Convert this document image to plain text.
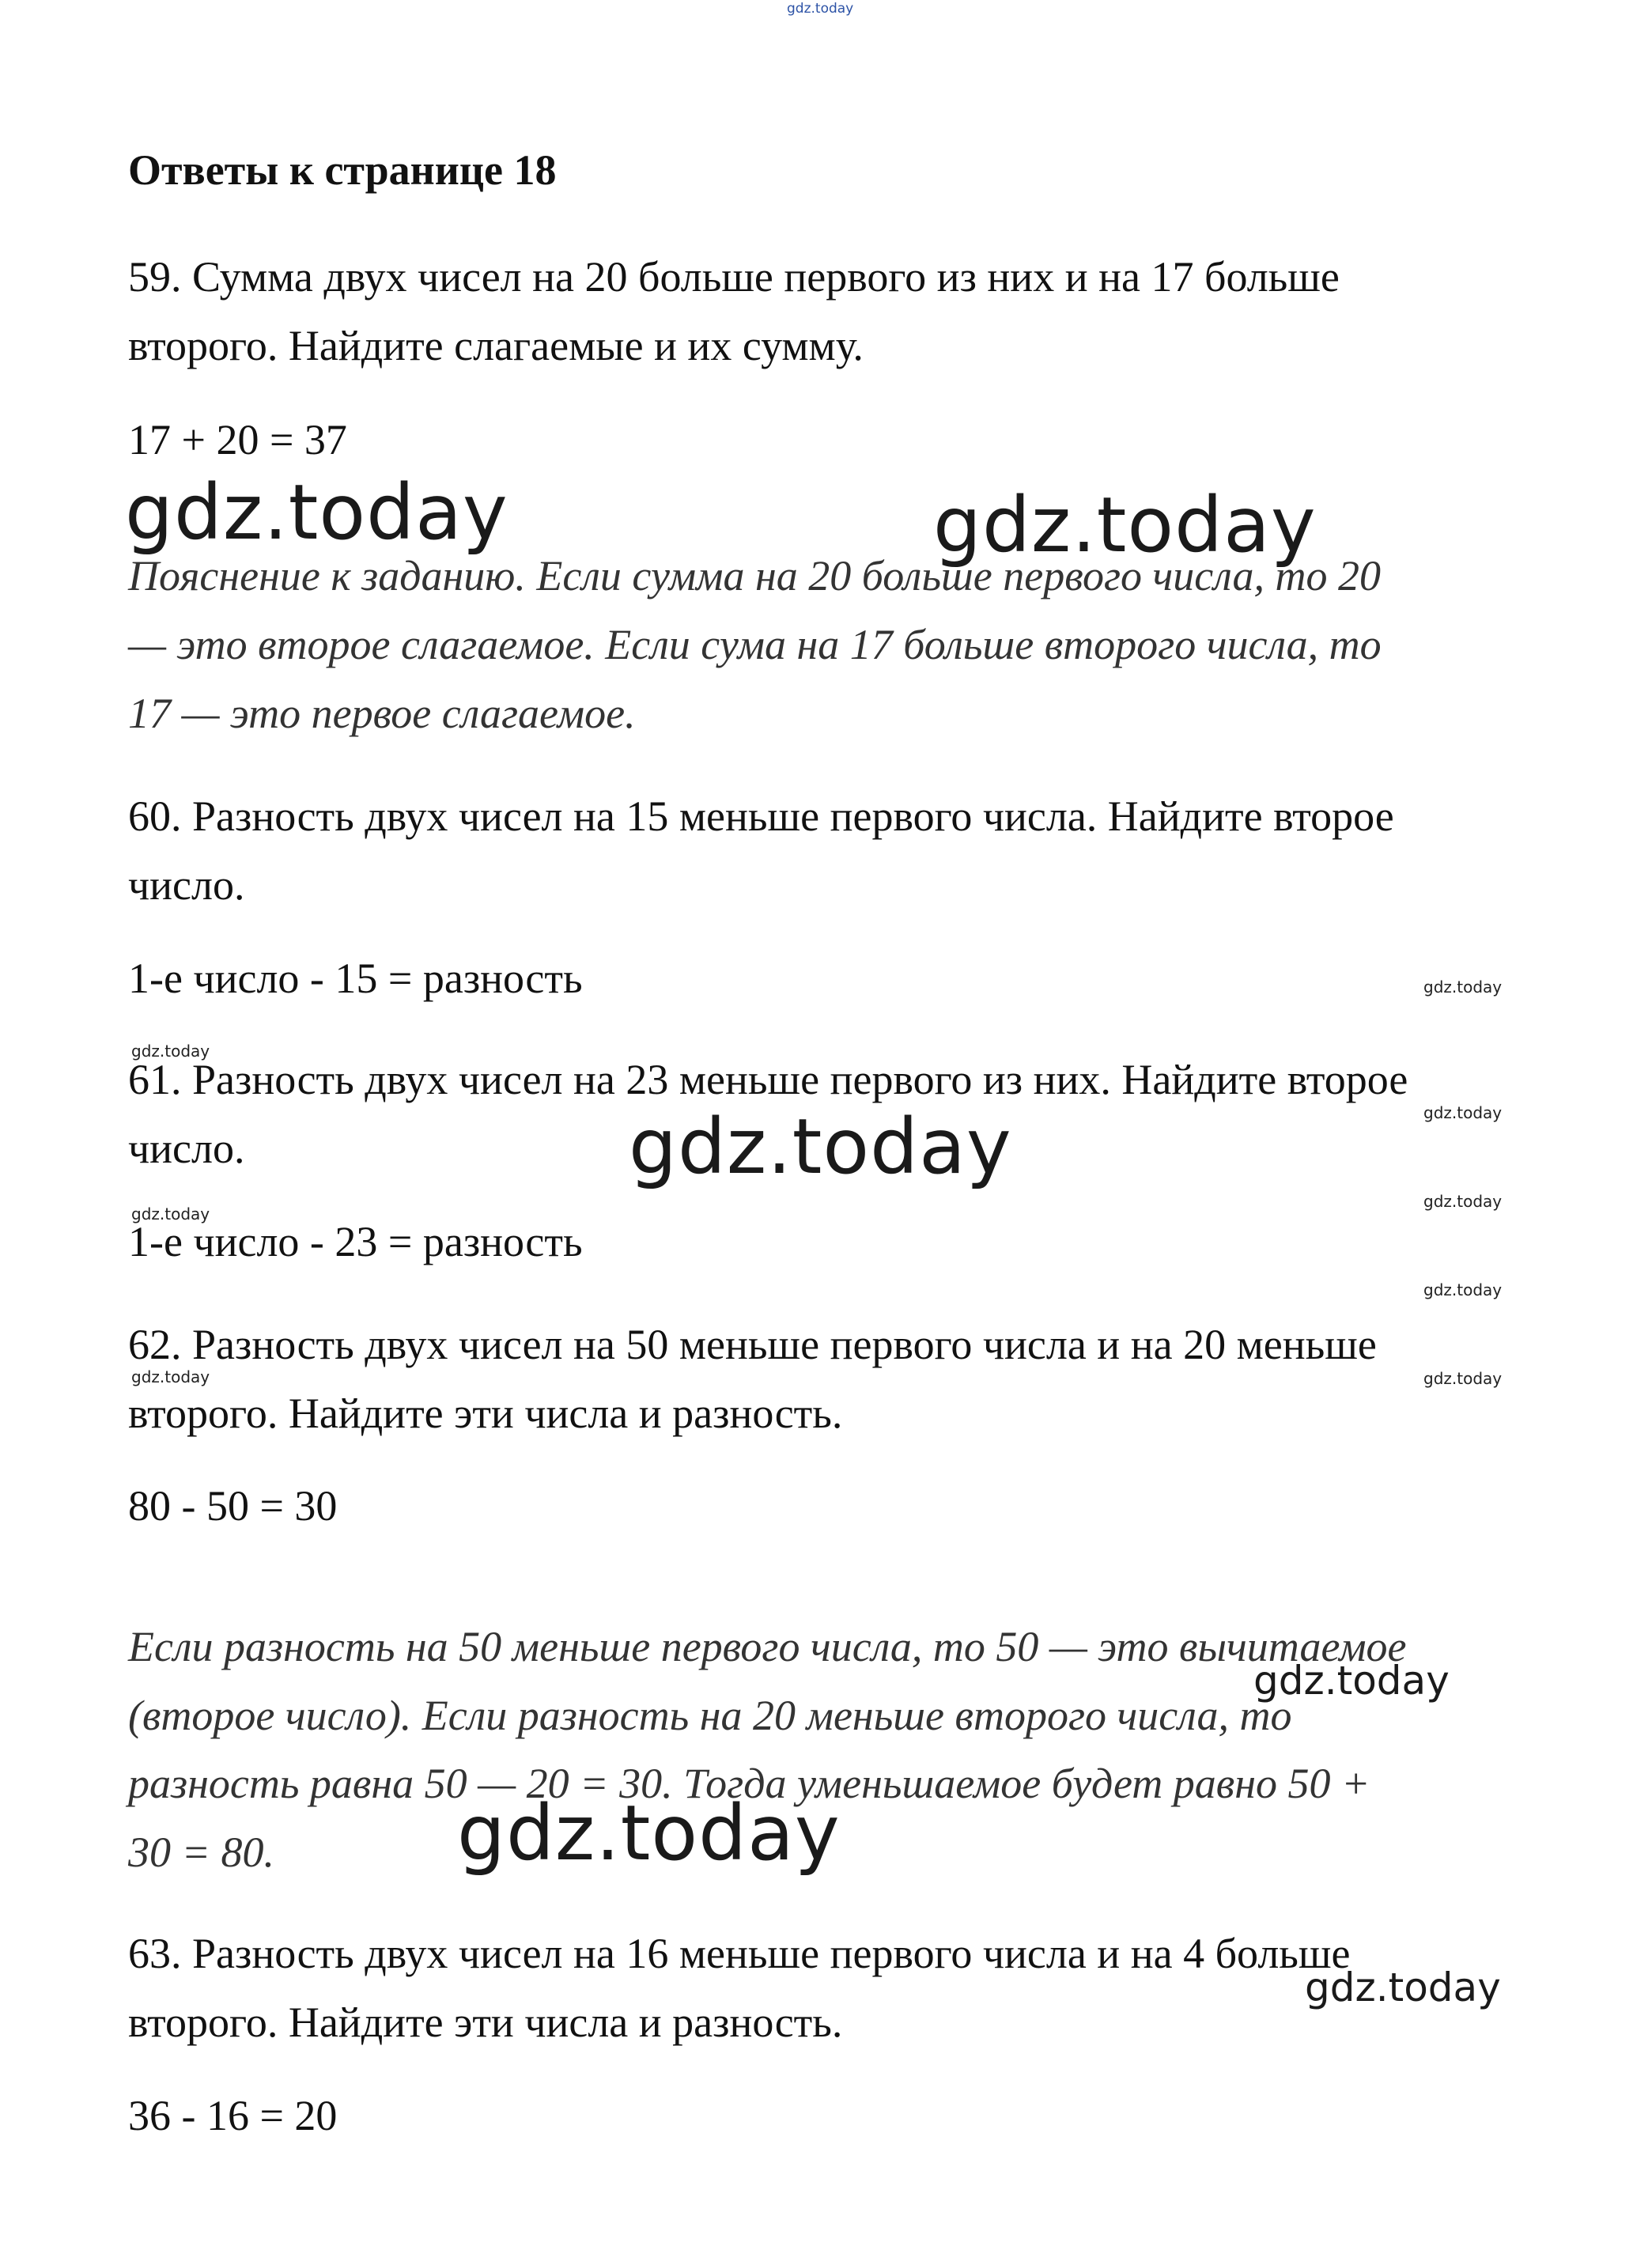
gdz.today
Ответы к странице 18
59. Сумма двух чисел на 20 больше первого из них и на 17 больше
второго. Найдите слагаемые и их сумму.
17 + 20 = 37
Пояснение к заданию. Если сумма на 20 больше первого числа, то 20
— это второе слагаемое. Если сума на 17 больше второго числа, то
17 — это первое слагаемое.
60. Разность двух чисел на 15 меньше первого числа. Найдите второе
число.
1-е число - 15 = разность
61. Разность двух чисел на 23 меньше первого из них. Найдите второе
число.
1-е число - 23 = разность
62. Разность двух чисел на 50 меньше первого числа и на 20 меньше
второго. Найдите эти числа и разность.
80 - 50 = 30
Если разность на 50 меньше первого числа, то 50 — это вычитаемое
(второе число). Если разность на 20 меньше второго числа, то
разность равна 50 — 20 = 30. Тогда уменьшаемое будет равно 50 +
30 = 80.
63. Разность двух чисел на 16 меньше первого числа и на 4 больше
второго. Найдите эти числа и разность.
36 - 16 = 20
gdz.today	gdz.today
gdz.today
gdz.today
gdz.today
gdz.today
gdz.today
gdz.today
gdz.today
gdz.today
gdz.today
gdz.today
gdz.today	gdz.today
